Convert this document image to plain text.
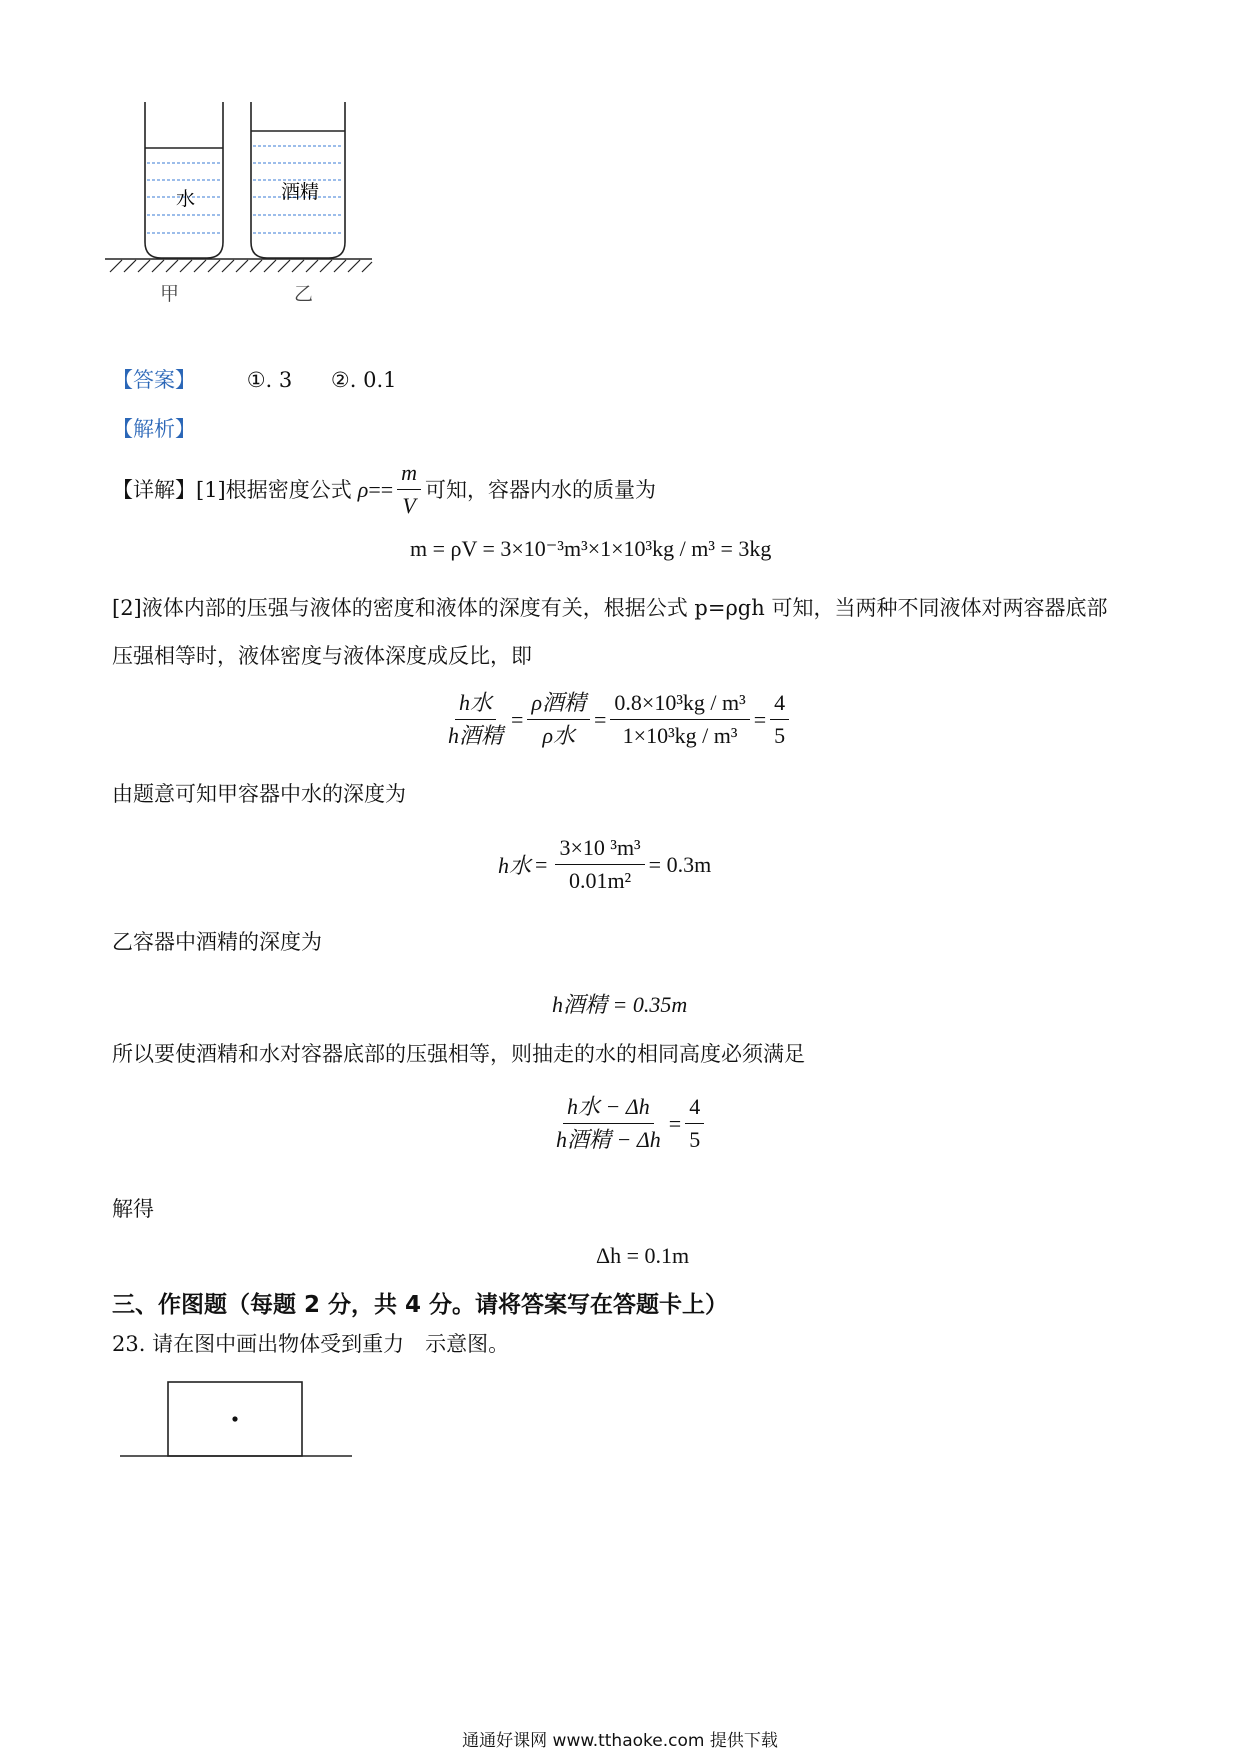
水	酒精
甲	乙
【答案】 ①. 3 ②. 0.1
【解析】
【详解】[1]根据密度公式 $\rho == \frac{m}{V}$ 可知，容器内水的质量为
m = ρV = 3×10⁻³m³×1×10³kg / m³ = 3kg
[2]液体内部的压强与液体的密度和液体的深度有关，根据公式 p=ρgh 可知，当两种不同液体对两容器底部
压强相等时，液体密度与液体深度成反比，即
$\frac{\text{h水}}{\text{h酒精}} = \frac{\text{ρ酒精}}{\text{ρ水}} = \frac{\text{0.8×10³kg / m³}}{\text{1×10³kg / m³}} = \frac{4}{5}$
由题意可知甲容器中水的深度为
h水 = $\frac{\text{3×10 ³m³}}{\text{0.01m²}} = 0.3m$
乙容器中酒精的深度为
h酒精 = 0.35m
所以要使酒精和水对容器底部的压强相等，则抽走的水的相同高度必须满足
$\frac{\text{h水 − Δh}}{\text{h酒精 − Δh}} = \frac{4}{5}$
解得
Δh = 0.1m
三、作图题（每题 2 分，共 4 分。请将答案写在答题卡上）
23. 请在图中画出物体受到重力　示意图。
通通好课网 www.tthaoke.com 提供下载
